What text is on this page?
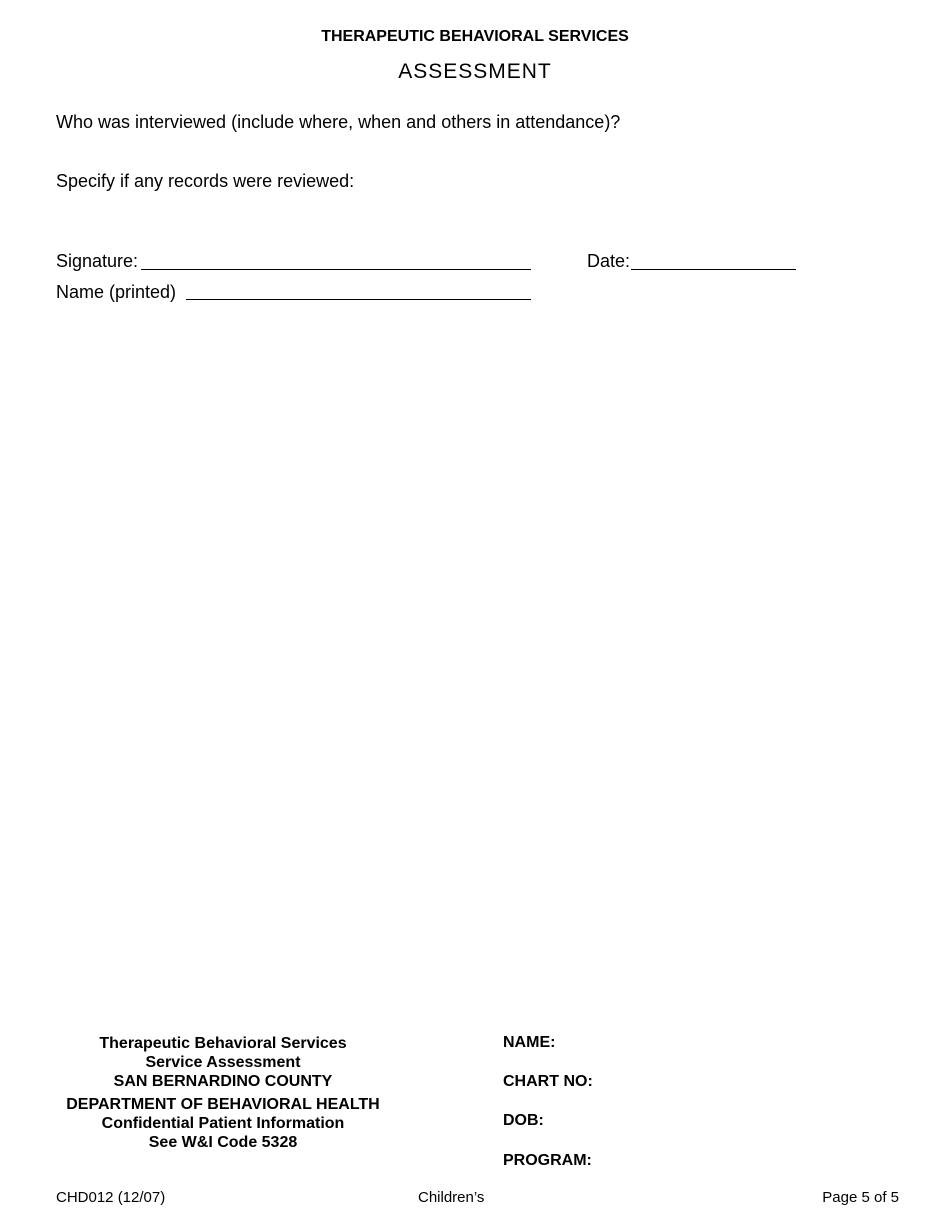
THERAPEUTIC BEHAVIORAL SERVICES
ASSESSMENT
Who was interviewed (include where, when and others in attendance)?
Specify if any records were reviewed:
Signature:	Date:
Name (printed)
Therapeutic Behavioral Services
Service Assessment
SAN BERNARDINO COUNTY
DEPARTMENT OF BEHAVIORAL HEALTH
Confidential Patient Information
See W&I Code 5328
NAME:
CHART NO:
DOB:
PROGRAM:
CHD012 (12/07)	Children’s	Page 5 of 5
